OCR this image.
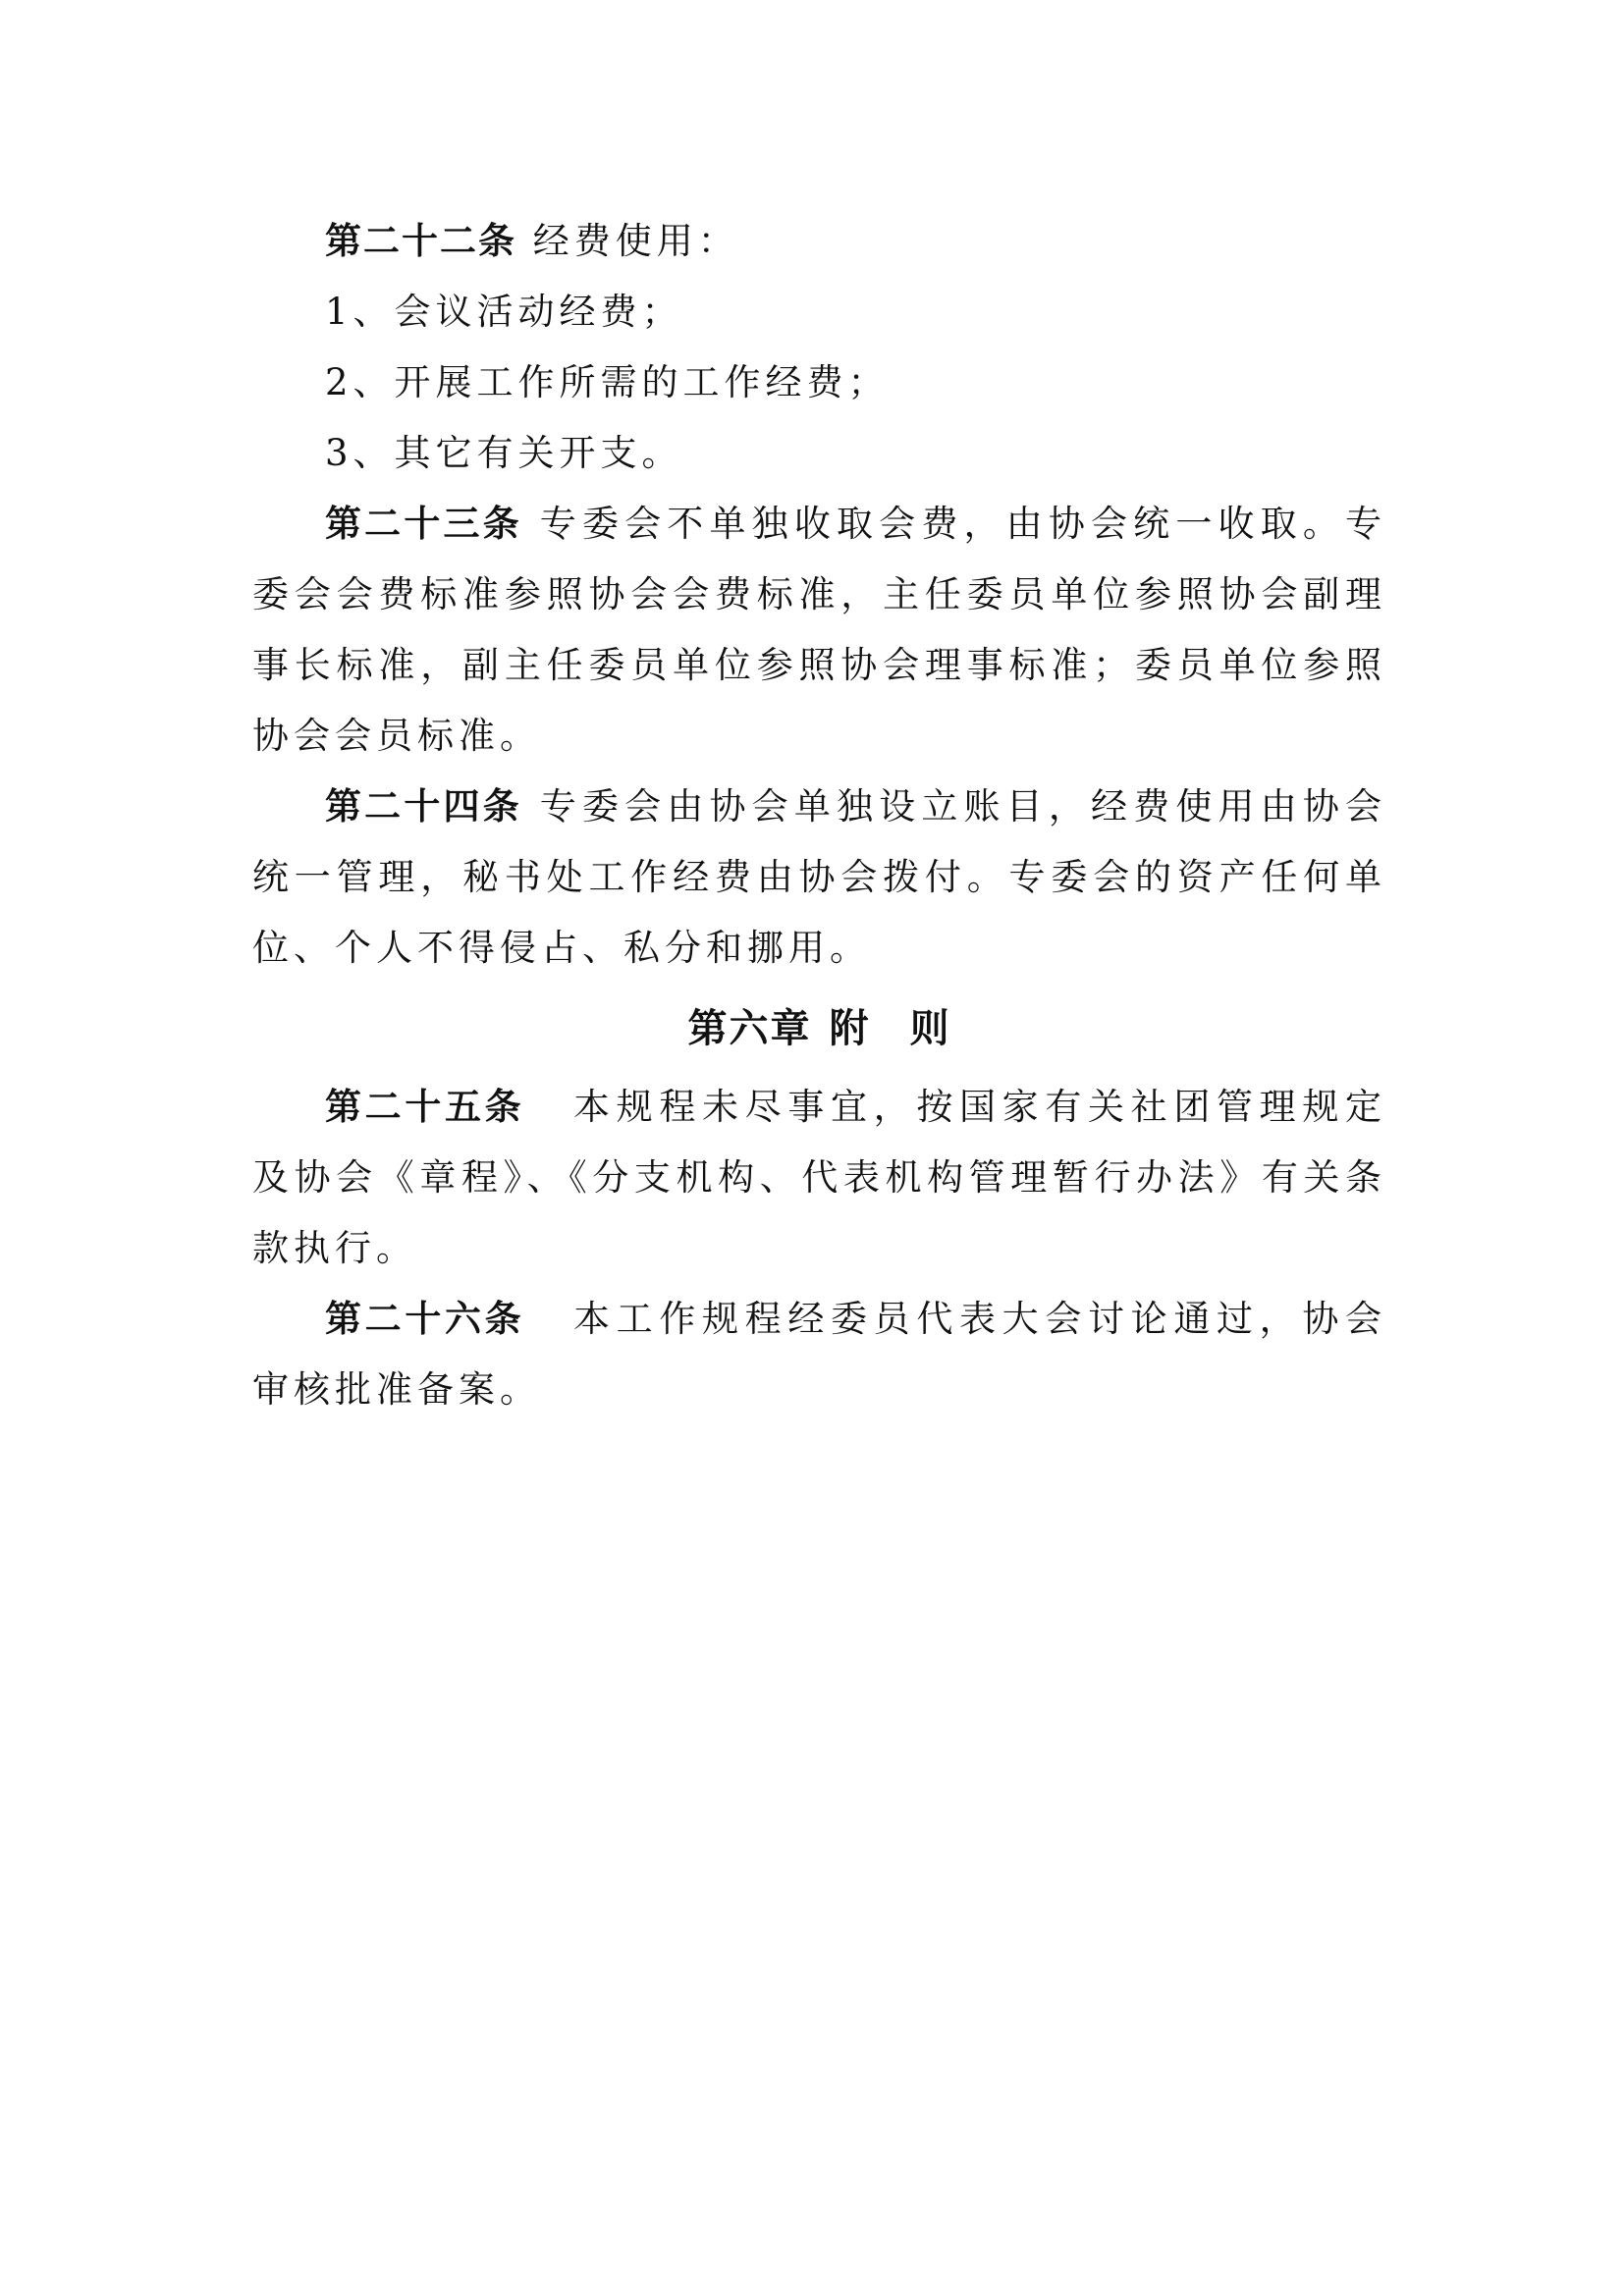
第二十二条 经费使用：

1、会议活动经费；

2、开展工作所需的工作经费；

3、其它有关开支。

第二十三条 专委会不单独收取会费，由协会统一收取。专委会会费标准参照协会会费标准，主任委员单位参照协会副理事长标准，副主任委员单位参照协会理事标准；委员单位参照协会会员标准。

第二十四条 专委会由协会单独设立账目，经费使用由协会统一管理，秘书处工作经费由协会拨付。专委会的资产任何单位、个人不得侵占、私分和挪用。

第六章 附 则

第二十五条 本规程未尽事宜，按国家有关社团管理规定及协会《章程》、《分支机构、代表机构管理暂行办法》有关条款执行。

第二十六条 本工作规程经委员代表大会讨论通过，协会审核批准备案。
